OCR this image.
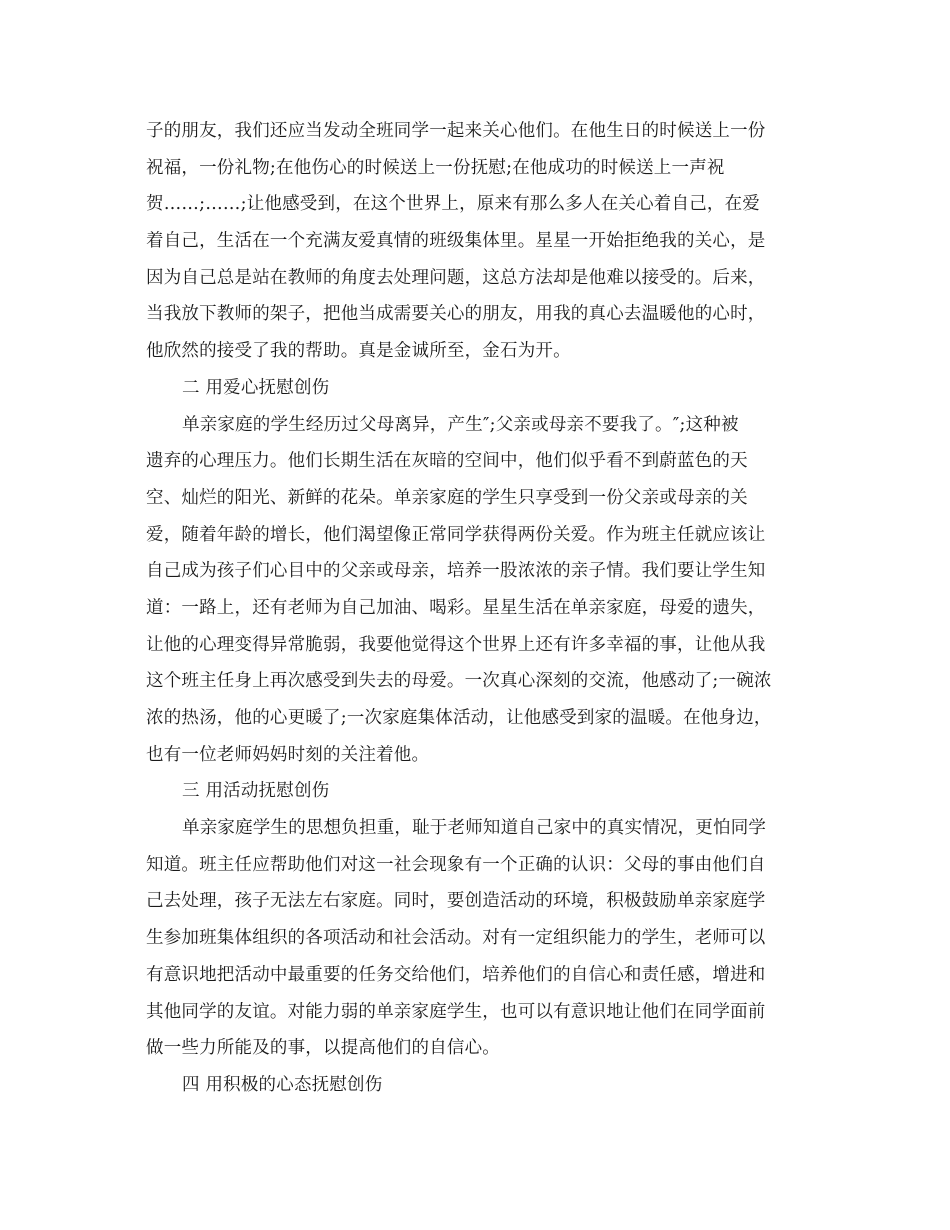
子的朋友，我们还应当发动全班同学一起来关心他们。在他生日的时候送上一份
祝福，一份礼物;在他伤心的时候送上一份抚慰;在他成功的时候送上一声祝
贺……;……;让他感受到，在这个世界上，原来有那么多人在关心着自己，在爱
着自己，生活在一个充满友爱真情的班级集体里。星星一开始拒绝我的关心，是
因为自己总是站在教师的角度去处理问题，这总方法却是他难以接受的。后来，
当我放下教师的架子，把他当成需要关心的朋友，用我的真心去温暖他的心时，
他欣然的接受了我的帮助。真是金诚所至，金石为开。
二 用爱心抚慰创伤
单亲家庭的学生经历过父母离异，产生″;父亲或母亲不要我了。″;这种被
遗弃的心理压力。他们长期生活在灰暗的空间中，他们似乎看不到蔚蓝色的天
空、灿烂的阳光、新鲜的花朵。单亲家庭的学生只享受到一份父亲或母亲的关
爱，随着年龄的增长，他们渴望像正常同学获得两份关爱。作为班主任就应该让
自己成为孩子们心目中的父亲或母亲，培养一股浓浓的亲子情。我们要让学生知
道：一路上，还有老师为自己加油、喝彩。星星生活在单亲家庭，母爱的遗失，
让他的心理变得异常脆弱，我要他觉得这个世界上还有许多幸福的事，让他从我
这个班主任身上再次感受到失去的母爱。一次真心深刻的交流，他感动了;一碗浓
浓的热汤，他的心更暖了;一次家庭集体活动，让他感受到家的温暖。在他身边，
也有一位老师妈妈时刻的关注着他。
三 用活动抚慰创伤
单亲家庭学生的思想负担重，耻于老师知道自己家中的真实情况，更怕同学
知道。班主任应帮助他们对这一社会现象有一个正确的认识：父母的事由他们自
己去处理，孩子无法左右家庭。同时，要创造活动的环境，积极鼓励单亲家庭学
生参加班集体组织的各项活动和社会活动。对有一定组织能力的学生，老师可以
有意识地把活动中最重要的任务交给他们，培养他们的自信心和责任感，增进和
其他同学的友谊。对能力弱的单亲家庭学生，也可以有意识地让他们在同学面前
做一些力所能及的事，以提高他们的自信心。
四 用积极的心态抚慰创伤
